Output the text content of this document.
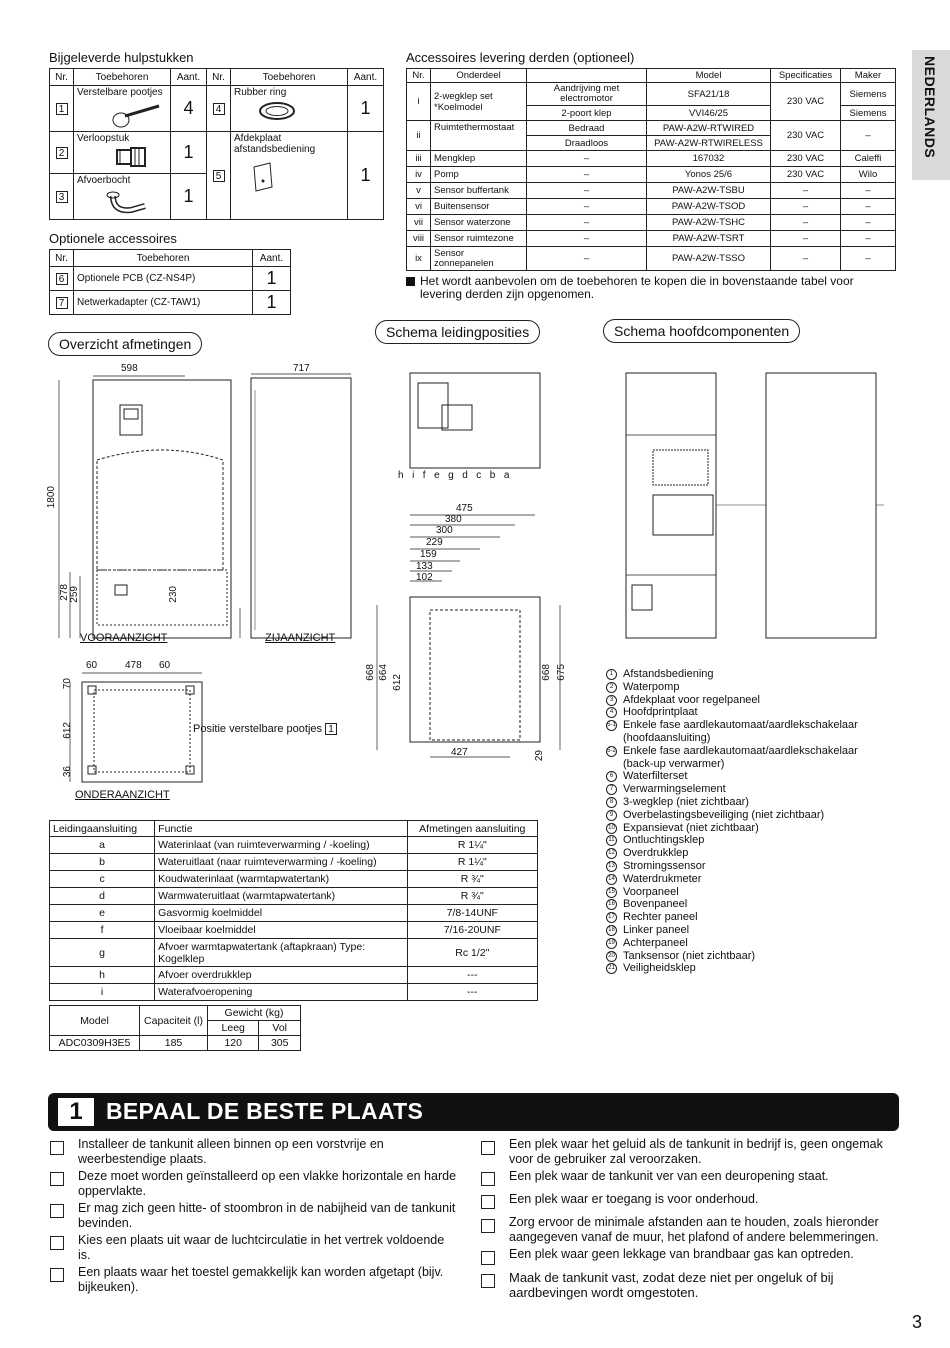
NEDERLANDS
Bijgeleverde hulpstukken
Nr.	Toebehoren	Aant.	Nr.	Toebehoren	Aant.
1	Verstelbare pootjes	4	4	Rubber ring	1
2	Verloopstuk	1	5	Afdekplaat afstandsbediening	1
3	Afvoerbocht	1			
Optionele accessoires
Nr.	Toebehoren	Aant.
6	Optionele PCB (CZ-NS4P)	1
7	Netwerkadapter (CZ-TAW1)	1
Accessoires levering derden (optioneel)
Nr.	Onderdeel		Model	Specificaties	Maker
i	2-wegklep set *Koelmodel	Aandrijving met electromotor	SFA21/18	230 VAC	Siemens
		2-poort klep	VVI46/25		Siemens
ii	Ruimtethermostaat	Bedraad	PAW-A2W-RTWIRED	230 VAC	–
		Draadloos	PAW-A2W-RTWIRELESS		
iii	Mengklep	–	167032	230 VAC	Caleffi
iv	Pomp	–	Yonos 25/6	230 VAC	Wilo
v	Sensor buffertank	–	PAW-A2W-TSBU	–	–
vi	Buitensensor	–	PAW-A2W-TSOD	–	–
vii	Sensor waterzone	–	PAW-A2W-TSHC	–	–
viii	Sensor ruimtezone	–	PAW-A2W-TSRT	–	–
ix	Sensor zonnepanelen	–	PAW-A2W-TSSO	–	–
Het wordt aanbevolen om de toebehoren te kopen die in bovenstaande tabel voor levering derden zijn opgenomen.
Overzicht afmetingen
Schema leidingposities	Schema hoofdcomponenten
598	717
1800
278 259	230
VOORAANZICHT	ZIJAANZICHT
60	478 60
70
612
36
Positie verstelbare pootjes 1
ONDERAANZICHT
hifegdcba
475
380
300
229
159
133
102
668 664
612
427
668 675
29
1 Afstandsbediening
2 Waterpomp
3 Afdekplaat voor regelpaneel
4 Hoofdprintplaat
5-1 Enkele fase aardlekautomaat/aardlekschakelaar (hoofdaansluiting)
5-2 Enkele fase aardlekautomaat/aardlekschakelaar (back-up verwarmer)
6 Waterfilterset
7 Verwarmingselement
8 3-wegklep (niet zichtbaar)
9 Overbelastingsbeveiliging (niet zichtbaar)
10 Expansievat (niet zichtbaar)
11 Ontluchtingsklep
12 Overdrukklep
13 Stromingssensor
14 Waterdrukmeter
15 Voorpaneel
16 Bovenpaneel
17 Rechter paneel
18 Linker paneel
19 Achterpaneel
20 Tanksensor (niet zichtbaar)
21 Veiligheidsklep
Leidingaansluiting	Functie	Afmetingen aansluiting
a	Waterinlaat (van ruimteverwarming / -koeling)	R 1¼"
b	Wateruitlaat (naar ruimteverwarming / -koeling)	R 1¼"
c	Koudwaterinlaat (warmtapwatertank)	R ¾"
d	Warmwateruitlaat (warmtapwatertank)	R ¾"
e	Gasvormig koelmiddel	7/8-14UNF
f	Vloeibaar koelmiddel	7/16-20UNF
g	Afvoer warmtapwatertank (aftapkraan) Type: Kogelklep	Rc 1/2"
h	Afvoer overdrukklep	---
i	Waterafvoeropening	---
Model	Capaciteit (l)	Gewicht (kg)	
		Leeg	Vol
ADC0309H3E5	185	120	305
1	BEPAAL DE BESTE PLAATS
Installeer de tankunit alleen binnen op een vorstvrije en weerbestendige plaats.
Deze moet worden geïnstalleerd op een vlakke horizontale en harde oppervlakte.
Er mag zich geen hitte- of stoombron in de nabijheid van de tankunit bevinden.
Kies een plaats uit waar de luchtcirculatie in het vertrek voldoende is.
Een plaats waar het toestel gemakkelijk kan worden afgetapt (bijv. bijkeuken).
Een plek waar het geluid als de tankunit in bedrijf is, geen ongemak voor de gebruiker zal veroorzaken.
Een plek waar de tankunit ver van een deuropening staat.
Een plek waar er toegang is voor onderhoud.
Zorg ervoor de minimale afstanden aan te houden, zoals hieronder aangegeven vanaf de muur, het plafond of andere belemmeringen.
Een plek waar geen lekkage van brandbaar gas kan optreden.
Maak de tankunit vast, zodat deze niet per ongeluk of bij aardbevingen wordt omgestoten.
3
